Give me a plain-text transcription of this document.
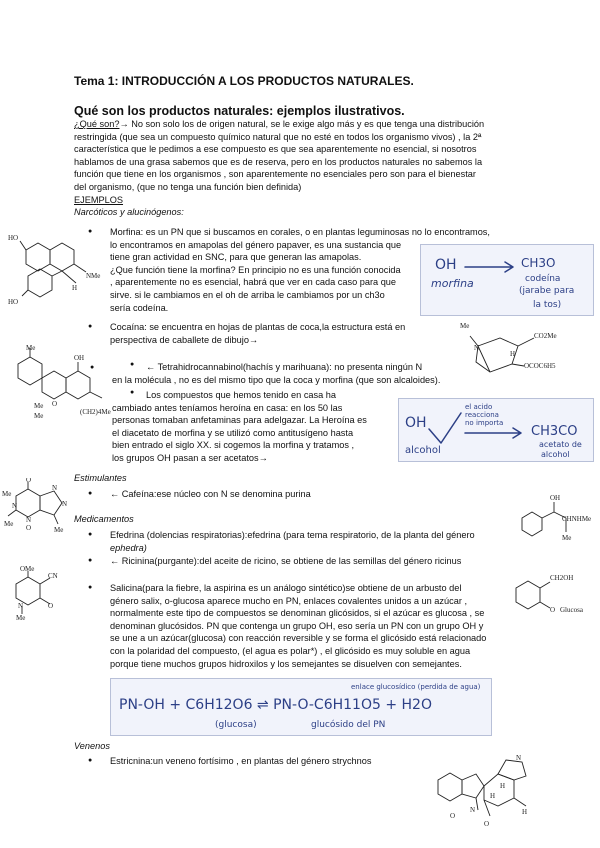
Tema 1: INTRODUCCIÓN A LOS PRODUCTOS NATURALES.
Qué son los productos naturales: ejemplos ilustrativos.
¿Qué son?→ No son solo los de origen natural, se le exige algo más y es que tenga una distribución
restringida (que sea un compuesto químico natural que no esté en todos los organismo vivos) , la 2ª
característica que le pedimos a ese compuesto es que sea aparentemente no esencial, si nosotros
hablamos de una grasa sabemos que es de reserva, pero en los productos naturales no sabemos la
función que tiene en los organismos , son aparentemente no esenciales pero son para el bienestar
del organismo, (que no tenga una función bien definida)
EJEMPLOS
Narcóticos y alucinógenos:
● Morfina: es un PN que si buscamos en corales, o en plantas leguminosas no lo encontramos,
lo encontramos en amapolas del género papaver, es una sustancia que
tiene gran actividad en SNC, para que generan las amapolas.
¿Que función tiene la morfina? En principio no es una función conocida
, aparentemente no es esencial, habrá que ver en cada caso para que
sirve. si le cambiamos en el oh de arriba le cambiamos por un ch3o
sería codeína.
HO
HO
NMe
H
OH
morfina
CH3O
codeína
(jarabe para
la tos)
● Cocaína: se encuentra en hojas de plantas de coca,la estructura está en
perspectiva de caballete de dibujo→
Me
N
CO2Me
OCOC6H5
H
Me
OH
Me
Me
O
(CH2)4Me
← Tetrahidrocannabinol(hachís y marihuana): no presenta ningún N
en la molécula , no es del mismo tipo que la coca y morfina (que son alcaloides).
Los compuestos que hemos tenido en casa ha
cambiado antes teníamos heroína en casa: en los 50 las
personas tomaban anfetaminas para adelgazar. La Heroína es
el diacetato de morfina y se utilizó como antitusígeno hasta
bien entrado el siglo XX. si cogemos la morfina y tratamos ,
los grupos OH pasan a ser acetatos→
●
●
OH
alcohol
el acido
reacciona
no importa
CH3CO
acetato de
alcohol
Estimulantes
● ← Cafeína:ese núcleo con N se denomina purina
Me
O
N
N
Me O
N
N
Me
Medicamentos
● Efedrina (dolencias respiratorias):efedrina (para tema respiratorio, de la planta del género
ephedra)
● ← Ricinina(purgante):del aceite de ricino, se obtiene de las semillas del género ricinus
OH
CHNHMe
Me
OMe
CN
N	O
Me
CH2OH
O Glucosa
● Salicina(para la fiebre, la aspirina es un análogo sintético)se obtiene de un arbusto del
género salix, o-glucosa aparece mucho en PN, enlaces covalentes unidos a un azúcar ,
normalmente este tipo de compuestos se denominan glicósidos, si el azúcar es glucosa , se
denominan glucósidos. PN que contenga un grupo OH, eso sería un PN con un grupo OH y
se une a un azúcar(glucosa) con reacción reversible y se forma el glicósido está relacionado
con la polaridad del compuesto, (el agua es polar*) , el glicósido es muy soluble en agua
porque tiene muchos grupos hidroxilos y los semejantes se disuelven con semejantes.
enlace glucosídico (perdida de agua)
PN-OH + C6H12O6 ⇌ PN-O-C6H11O5 + H2O
(glucosa)	glucósido del PN
Venenos
● Estricnina:un veneno fortísimo , en plantas del género strychnos	N
H
H
O
O
N	H
